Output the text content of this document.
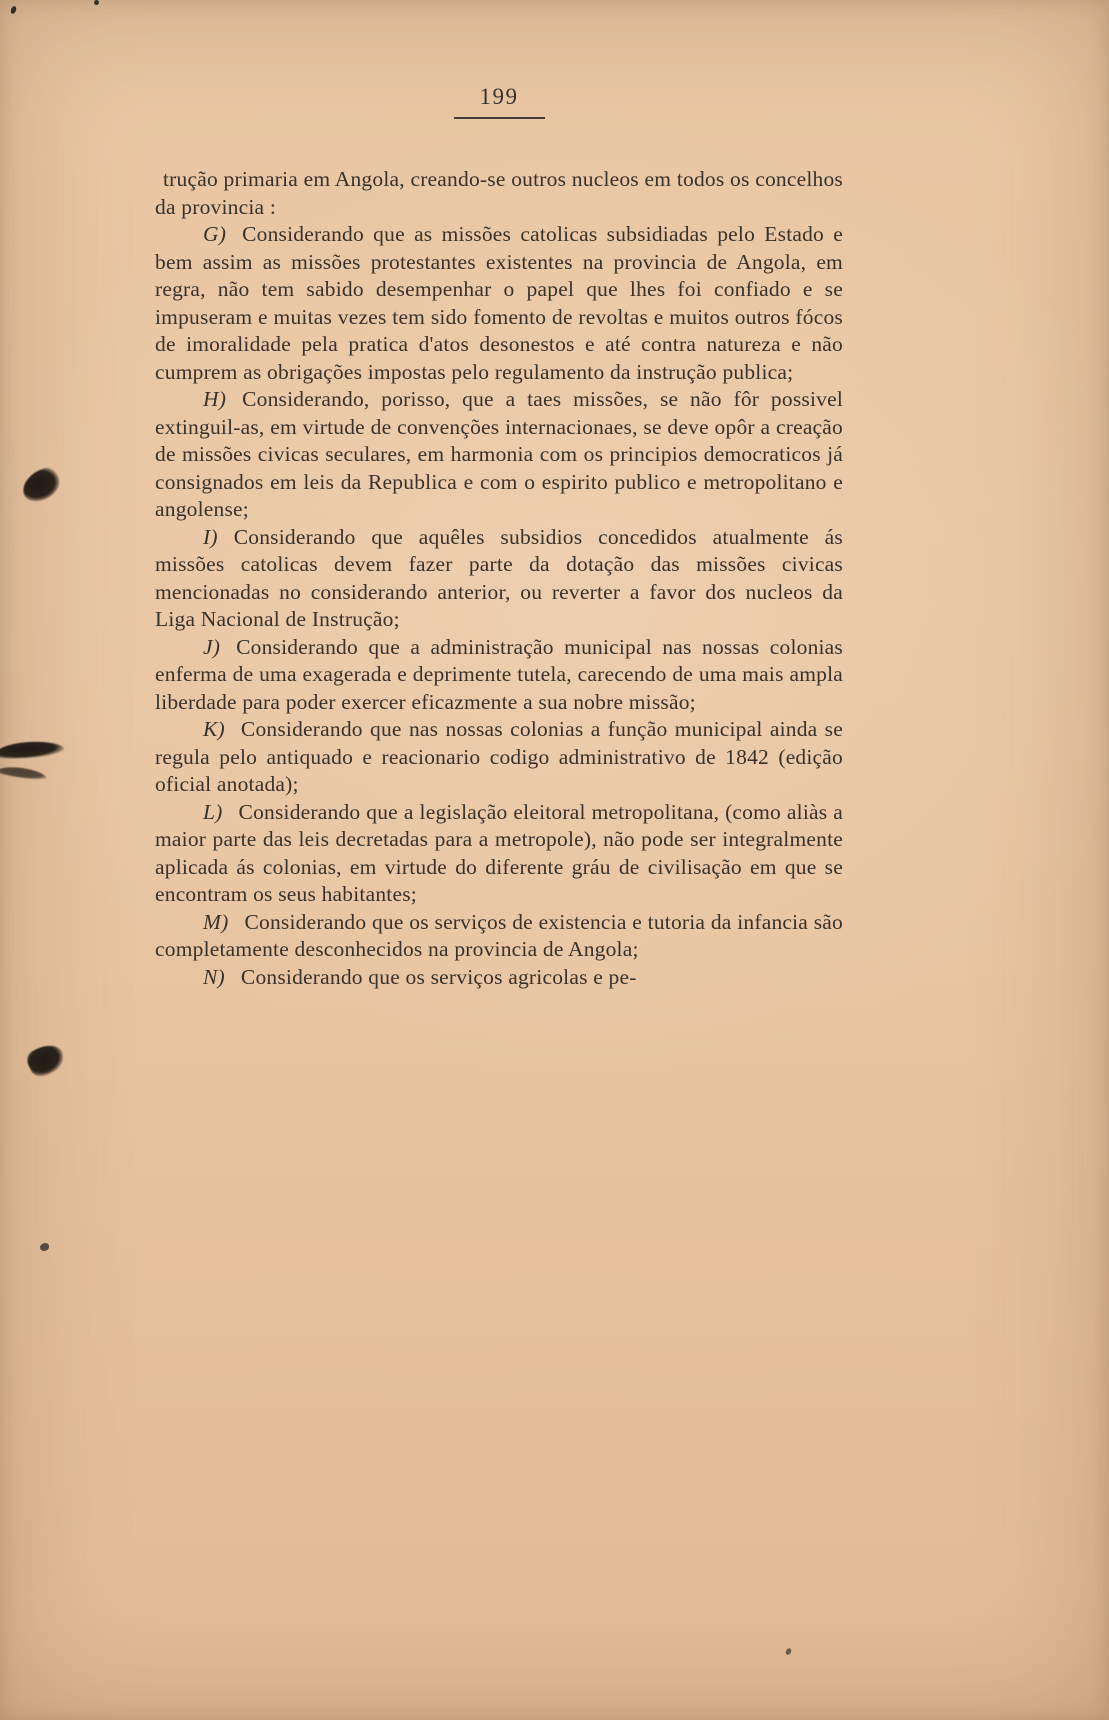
199

trução primaria em Angola, creando-se outros nucleos em todos os concelhos da provincia :

G) Considerando que as missões catolicas subsidiadas pelo Estado e bem assim as missões protestantes existentes na provincia de Angola, em regra, não tem sabido desempenhar o papel que lhes foi confiado e se impuseram e muitas vezes tem sido fomento de revoltas e muitos outros fócos de imoralidade pela pratica d'atos desonestos e até contra natureza e não cumprem as obrigações impostas pelo regulamento da instrução publica;

H) Considerando, porisso, que a taes missões, se não fôr possivel extinguil-as, em virtude de convenções internacionaes, se deve opôr a creação de missões civicas seculares, em harmonia com os principios democraticos já consignados em leis da Republica e com o espirito publico e metropolitano e angolense;

I) Considerando que aquêles subsidios concedidos atualmente ás missões catolicas devem fazer parte da dotação das missões civicas mencionadas no considerando anterior, ou reverter a favor dos nucleos da Liga Nacional de Instrução;

J) Considerando que a administração municipal nas nossas colonias enferma de uma exagerada e deprimente tutela, carecendo de uma mais ampla liberdade para poder exercer eficazmente a sua nobre missão;

K) Considerando que nas nossas colonias a função municipal ainda se regula pelo antiquado e reacionario codigo administrativo de 1842 (edição oficial anotada);

L) Considerando que a legislação eleitoral metropolitana, (como aliàs a maior parte das leis decretadas para a metropole), não pode ser integralmente aplicada ás colonias, em virtude do diferente gráu de civilisação em que se encontram os seus habitantes;

M) Considerando que os serviços de existencia e tutoria da infancia são completamente desconhecidos na provincia de Angola;

N) Considerando que os serviços agricolas e pe-
